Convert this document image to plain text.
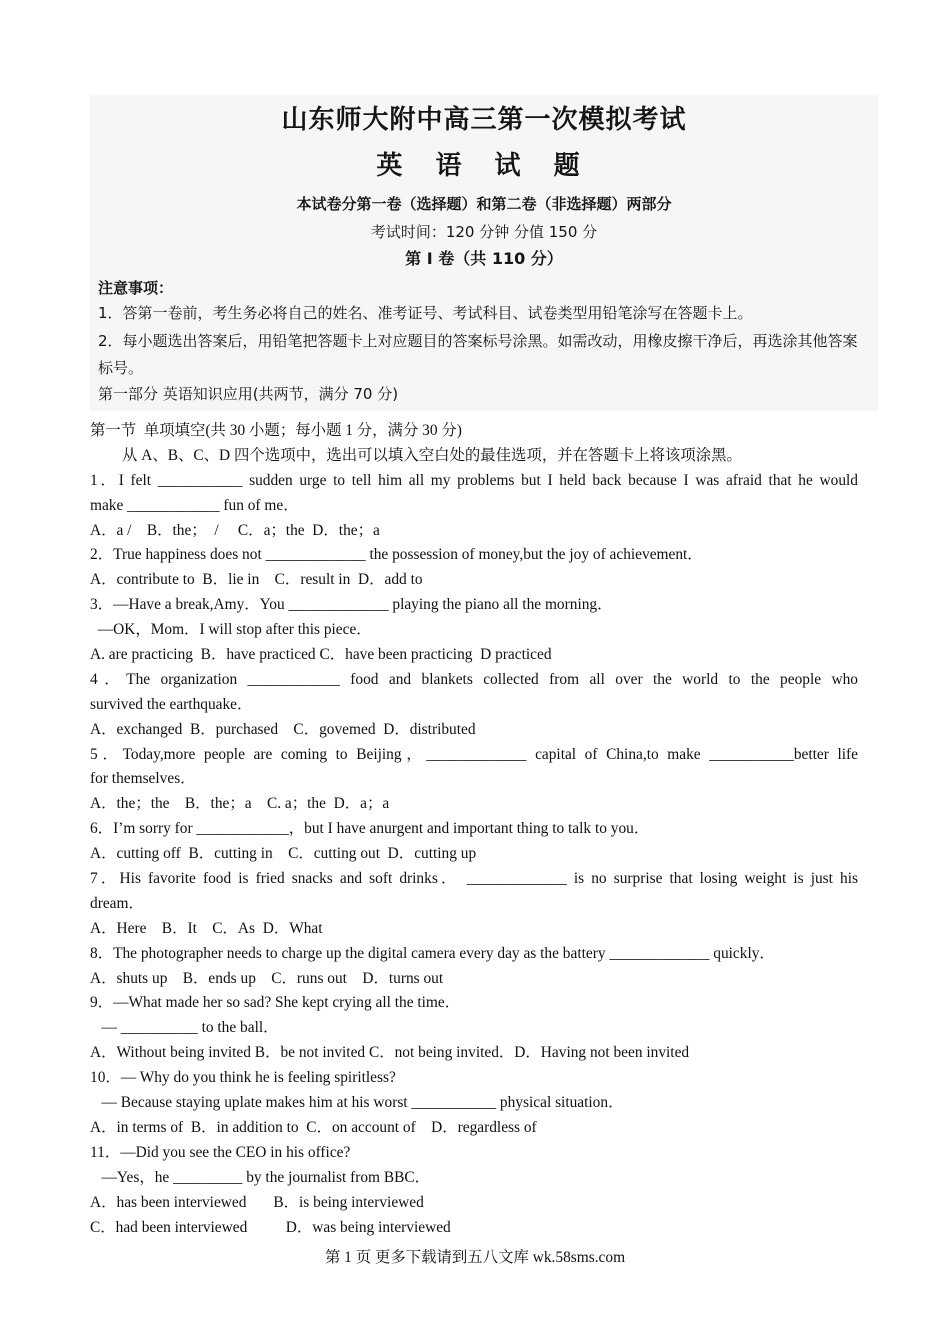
山东师大附中高三第一次模拟考试
英 语 试 题
本试卷分第一卷（选择题）和第二卷（非选择题）两部分
考试时间：120 分钟 分值 150 分
第 I 卷（共 110 分）
注意事项：
1．答第一卷前，考生务必将自己的姓名、准考证号、考试科目、试卷类型用铅笔涂写在答题卡上。
2．每小题选出答案后，用铅笔把答题卡上对应题目的答案标号涂黑。如需改动，用橡皮擦干净后，再选涂其他答案标号。
第一部分 英语知识应用(共两节，满分 70 分)
第一节  单项填空(共 30 小题；每小题 1 分，满分 30 分)
从 A、B、C、D 四个选项中，选出可以填入空白处的最佳选项，并在答题卡上将该项涂黑。
1．I felt ___________ sudden urge to tell him all my problems but I held back because I was afraid that he would
make ____________ fun of me．
A．a /    B．the；  /     C．a；the  D．the；a
2．True happiness does not _____________ the possession of money,but the joy of achievement．
A．contribute to  B．lie in    C．result in  D．add to
3．—Have a break,Amy．You _____________ playing the piano all the morning．
—OK，Mom．I will stop after this piece．
A. are practicing  B．have practiced C．have been practicing  D practiced
4．The organization ____________ food and blankets collected from all over the world to the people who
survived the earthquake．
A．exchanged  B．purchased    C．govemed  D．distributed
5．Today,more people are coming to Beijing，_____________ capital of China,to make ___________better life
for themselves．
A．the；the    B．the；a    C. a；the  D．a；a
6．I’m sorry for ____________，but I have anurgent and important thing to talk to you．
A．cutting off  B．cutting in    C．cutting out  D．cutting up
7．His favorite food is fried snacks and soft drinks． _____________ is no surprise that losing weight is just his
dream．
A．Here    B．It    C．As  D．What
8．The photographer needs to charge up the digital camera every day as the battery _____________ quickly．
A．shuts up    B．ends up    C．runs out    D．turns out
9．—What made her so sad? She kept crying all the time．
— __________ to the ball．
A．Without being invited B．be not invited C．not being invited．D．Having not been invited
10．— Why do you think he is feeling spiritless?
— Because staying uplate makes him at his worst ___________ physical situation．
A．in terms of  B．in addition to  C．on account of    D．regardless of
11．—Did you see the CEO in his office?
—Yes，he _________ by the journalist from BBC．
A．has been interviewed       B．is being interviewed
C．had been interviewed          D．was being interviewed
第 1 页 更多下载请到五八文库 wk.58sms.com
